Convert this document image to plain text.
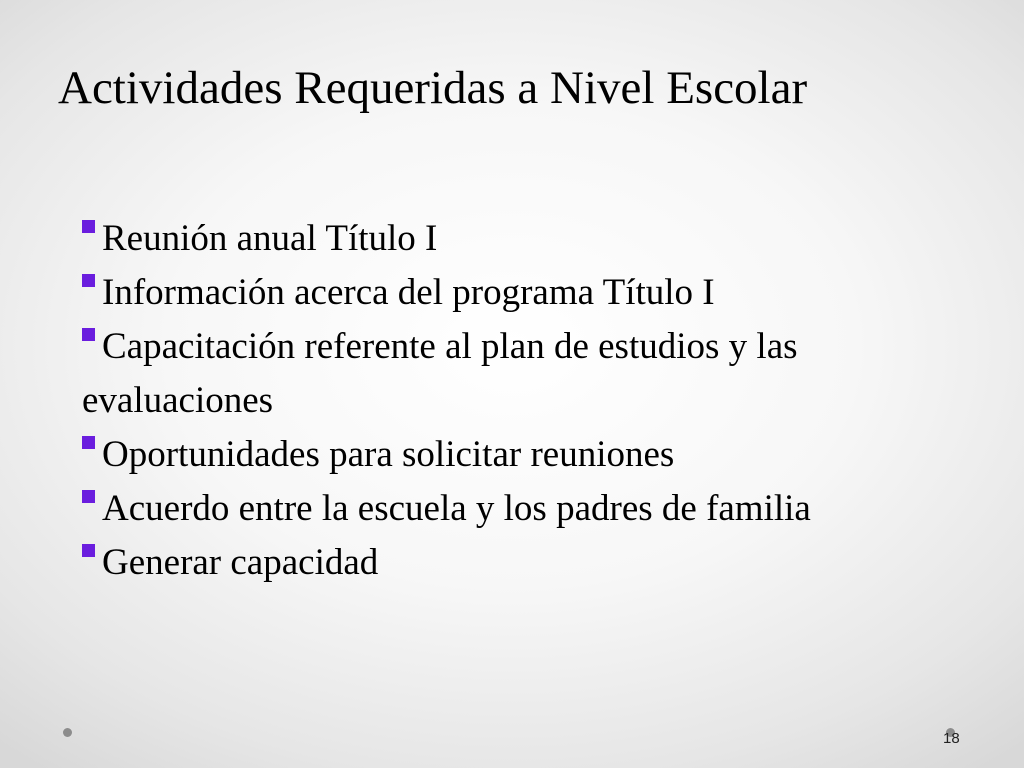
Actividades Requeridas a Nivel Escolar
Reunión anual Título I
Información acerca del programa Título I
Capacitación referente al plan de estudios y las evaluaciones
Oportunidades para solicitar reuniones
Acuerdo entre la escuela y los padres de familia
Generar capacidad
18
